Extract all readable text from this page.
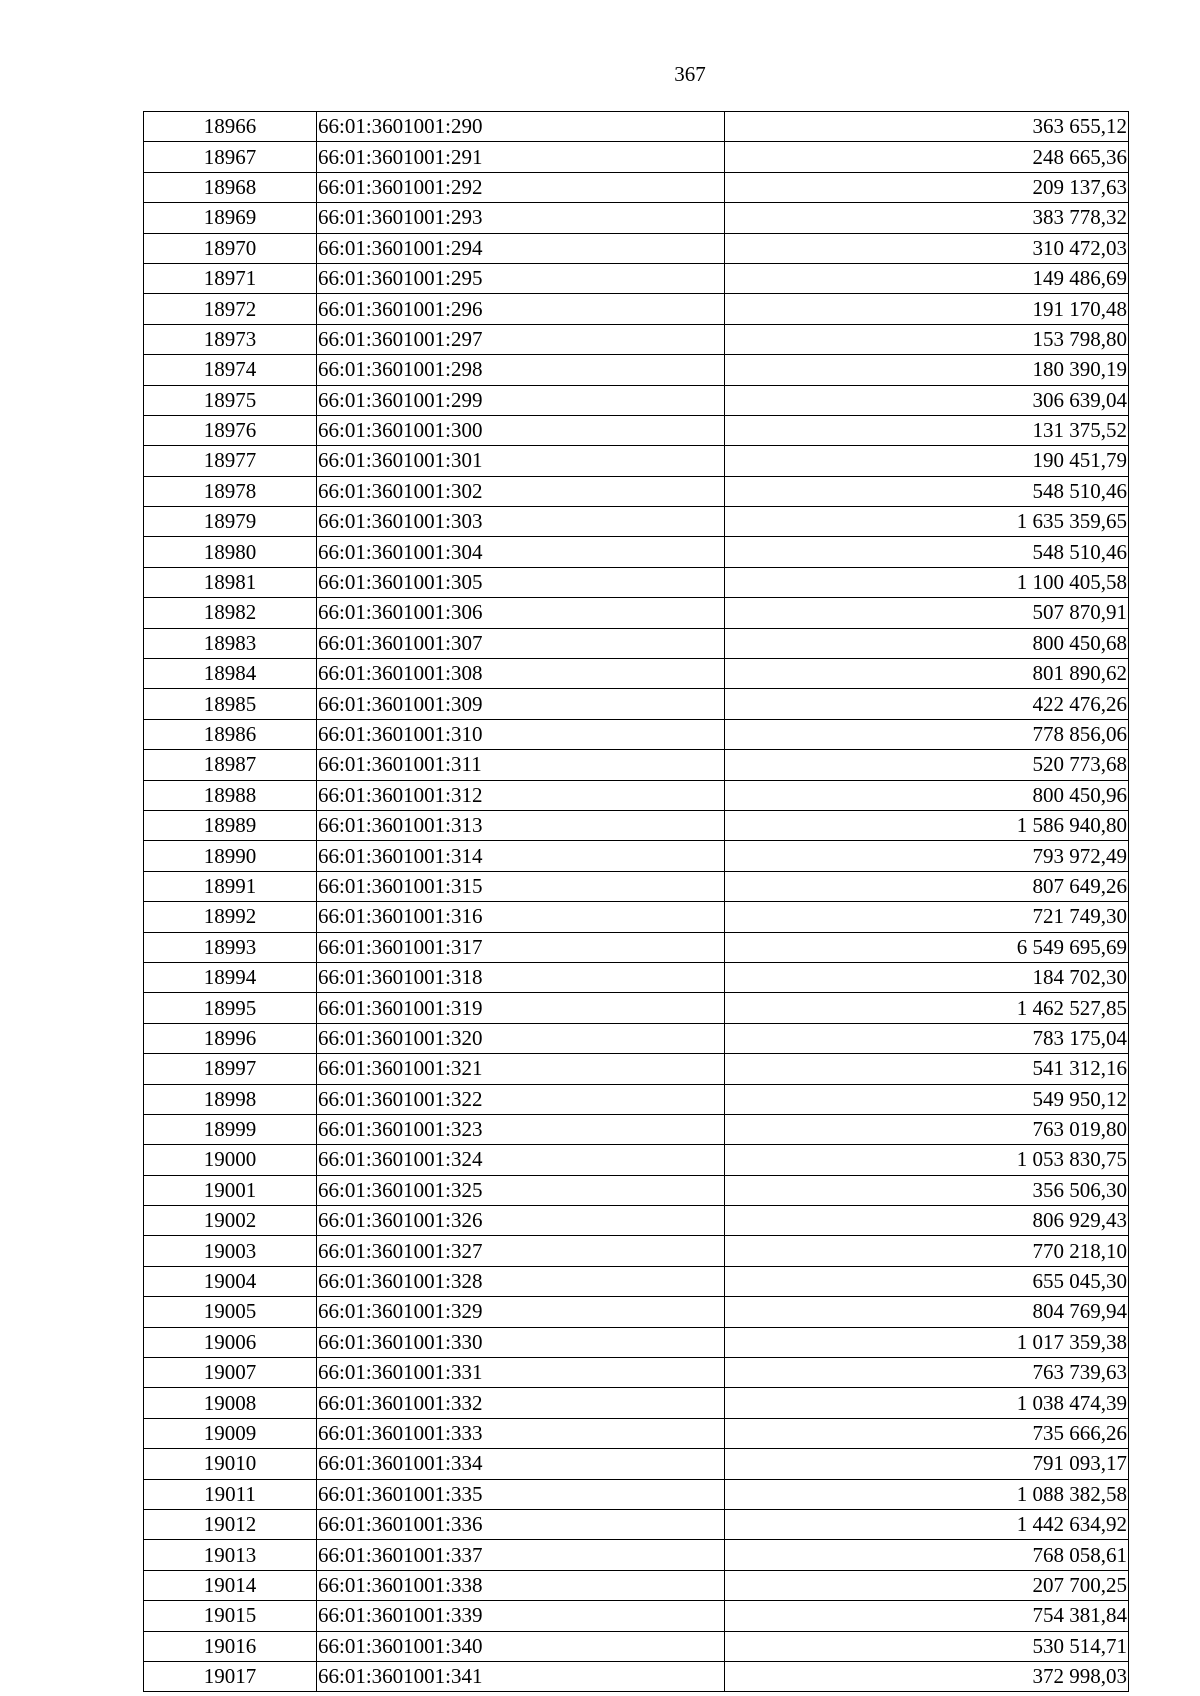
367
18966	66:01:3601001:290	363 655,12
18967	66:01:3601001:291	248 665,36
18968	66:01:3601001:292	209 137,63
18969	66:01:3601001:293	383 778,32
18970	66:01:3601001:294	310 472,03
18971	66:01:3601001:295	149 486,69
18972	66:01:3601001:296	191 170,48
18973	66:01:3601001:297	153 798,80
18974	66:01:3601001:298	180 390,19
18975	66:01:3601001:299	306 639,04
18976	66:01:3601001:300	131 375,52
18977	66:01:3601001:301	190 451,79
18978	66:01:3601001:302	548 510,46
18979	66:01:3601001:303	1 635 359,65
18980	66:01:3601001:304	548 510,46
18981	66:01:3601001:305	1 100 405,58
18982	66:01:3601001:306	507 870,91
18983	66:01:3601001:307	800 450,68
18984	66:01:3601001:308	801 890,62
18985	66:01:3601001:309	422 476,26
18986	66:01:3601001:310	778 856,06
18987	66:01:3601001:311	520 773,68
18988	66:01:3601001:312	800 450,96
18989	66:01:3601001:313	1 586 940,80
18990	66:01:3601001:314	793 972,49
18991	66:01:3601001:315	807 649,26
18992	66:01:3601001:316	721 749,30
18993	66:01:3601001:317	6 549 695,69
18994	66:01:3601001:318	184 702,30
18995	66:01:3601001:319	1 462 527,85
18996	66:01:3601001:320	783 175,04
18997	66:01:3601001:321	541 312,16
18998	66:01:3601001:322	549 950,12
18999	66:01:3601001:323	763 019,80
19000	66:01:3601001:324	1 053 830,75
19001	66:01:3601001:325	356 506,30
19002	66:01:3601001:326	806 929,43
19003	66:01:3601001:327	770 218,10
19004	66:01:3601001:328	655 045,30
19005	66:01:3601001:329	804 769,94
19006	66:01:3601001:330	1 017 359,38
19007	66:01:3601001:331	763 739,63
19008	66:01:3601001:332	1 038 474,39
19009	66:01:3601001:333	735 666,26
19010	66:01:3601001:334	791 093,17
19011	66:01:3601001:335	1 088 382,58
19012	66:01:3601001:336	1 442 634,92
19013	66:01:3601001:337	768 058,61
19014	66:01:3601001:338	207 700,25
19015	66:01:3601001:339	754 381,84
19016	66:01:3601001:340	530 514,71
19017	66:01:3601001:341	372 998,03
